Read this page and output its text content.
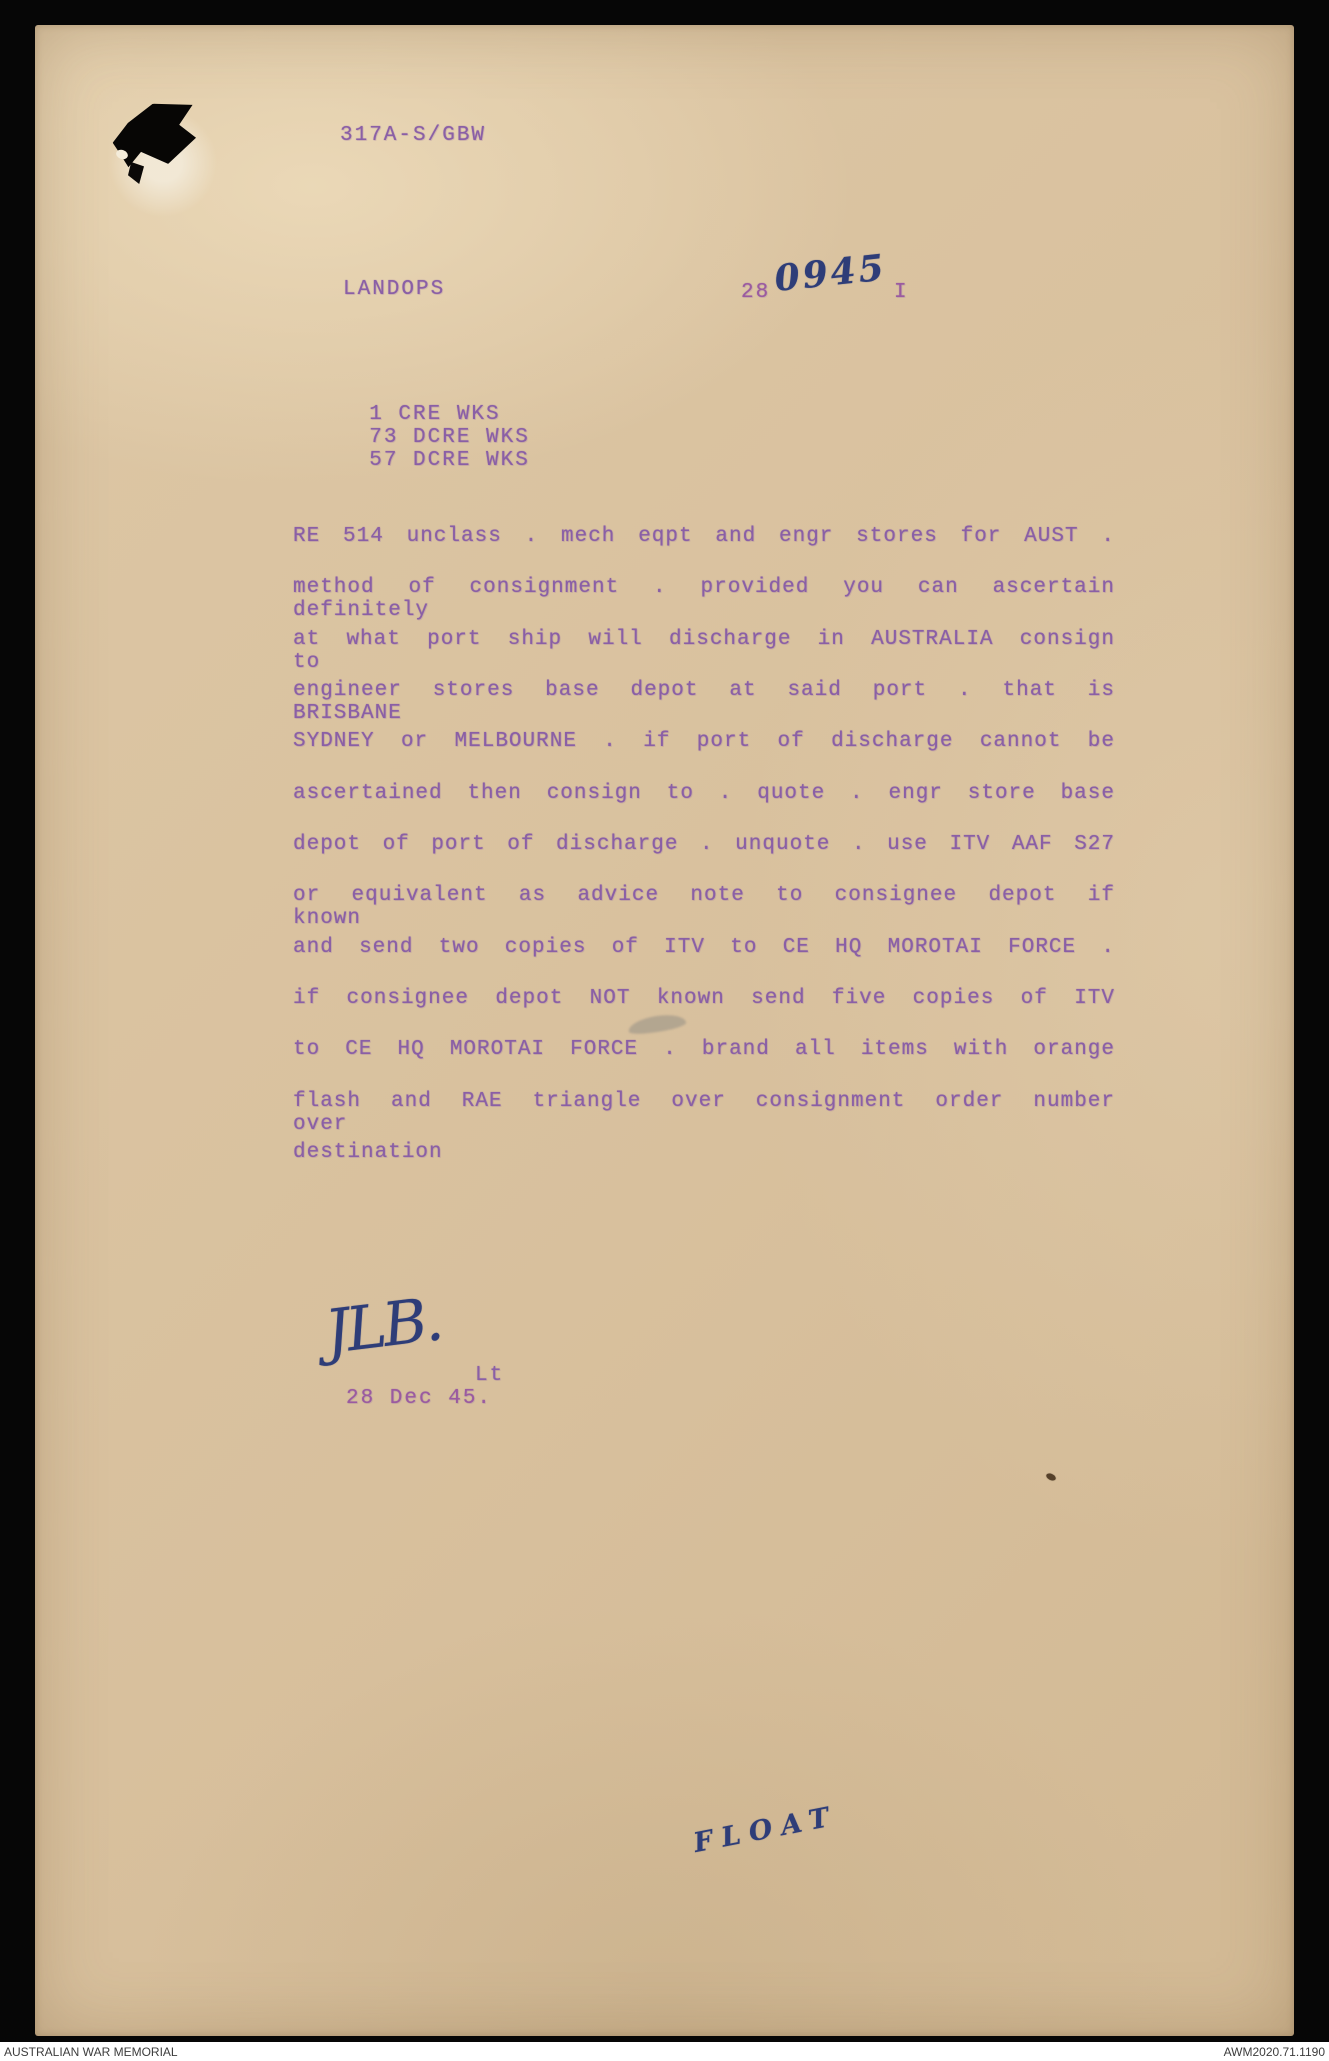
317A-S/GBW
LANDOPS	28 0945 I

1 CRE WKS
73 DCRE WKS
57 DCRE WKS

RE 514 unclass . mech eqpt and engr stores for AUST .
method of consignment . provided you can ascertain definitely
at what port ship will discharge in AUSTRALIA consign to
engineer stores base depot at said port . that is BRISBANE
SYDNEY or MELBOURNE . if port of discharge cannot be
ascertained then consign to . quote . engr store base
depot of port of discharge . unquote . use ITV AAF S27
or equivalent as advice note to consignee depot if known
and send two copies of ITV to CE HQ MOROTAI FORCE .
if consignee depot NOT known send five copies of ITV
to CE HQ MOROTAI FORCE . brand all items with orange
flash and RAE triangle over consignment order number over
destination
JLB.
Lt
28 Dec 45.
FLOAT
AUSTRALIAN WAR MEMORIAL	AWM2020.71.1190
